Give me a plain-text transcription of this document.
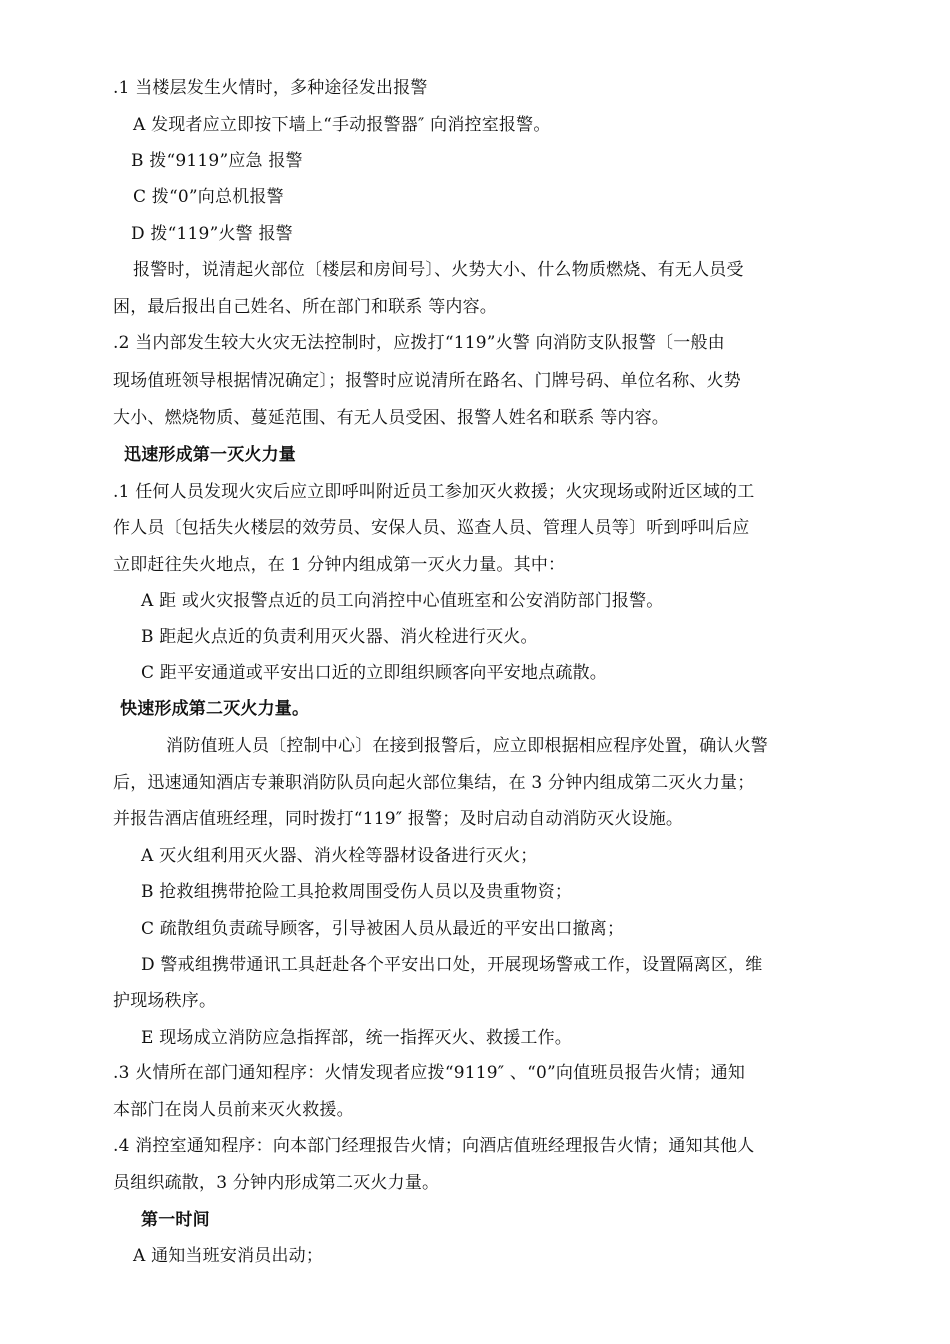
.1 当楼层发生火情时，多种途径发出报警
A 发现者应立即按下墙上“手动报警器″ 向消控室报警。
B 拨“9119”应急 报警
C 拨“0”向总机报警
D 拨“119”火警 报警
报警时，说清起火部位〔楼层和房间号〕、火势大小、什么物质燃烧、有无人员受
困，最后报出自己姓名、所在部门和联系 等内容。
.2 当内部发生较大火灾无法控制时，应拨打“119”火警 向消防支队报警〔一般由
现场值班领导根据情况确定〕；报警时应说清所在路名、门牌号码、单位名称、火势
大小、燃烧物质、蔓延范围、有无人员受困、报警人姓名和联系 等内容。
迅速形成第一灭火力量
.1 任何人员发现火灾后应立即呼叫附近员工参加灭火救援；火灾现场或附近区域的工
作人员〔包括失火楼层的效劳员、安保人员、巡查人员、管理人员等〕听到呼叫后应
立即赶往失火地点，在 1 分钟内组成第一灭火力量。其中：
A 距 或火灾报警点近的员工向消控中心值班室和公安消防部门报警。
B 距起火点近的负责利用灭火器、消火栓进行灭火。
C 距平安通道或平安出口近的立即组织顾客向平安地点疏散。
快速形成第二灭火力量。
消防值班人员〔控制中心〕在接到报警后，应立即根据相应程序处置，确认火警
后，迅速通知酒店专兼职消防队员向起火部位集结，在 3 分钟内组成第二灭火力量；
并报告酒店值班经理，同时拨打“119″ 报警；及时启动自动消防灭火设施。
A 灭火组利用灭火器、消火栓等器材设备进行灭火；
B 抢救组携带抢险工具抢救周围受伤人员以及贵重物资；
C 疏散组负责疏导顾客，引导被困人员从最近的平安出口撤离；
D 警戒组携带通讯工具赶赴各个平安出口处，开展现场警戒工作，设置隔离区，维
护现场秩序。
E 现场成立消防应急指挥部，统一指挥灭火、救援工作。
.3 火情所在部门通知程序：火情发现者应拨“9119″ 、“0”向值班员报告火情；通知
本部门在岗人员前来灭火救援。
.4 消控室通知程序：向本部门经理报告火情；向酒店值班经理报告火情；通知其他人
员组织疏散，3 分钟内形成第二灭火力量。
第一时间
A 通知当班安消员出动；
